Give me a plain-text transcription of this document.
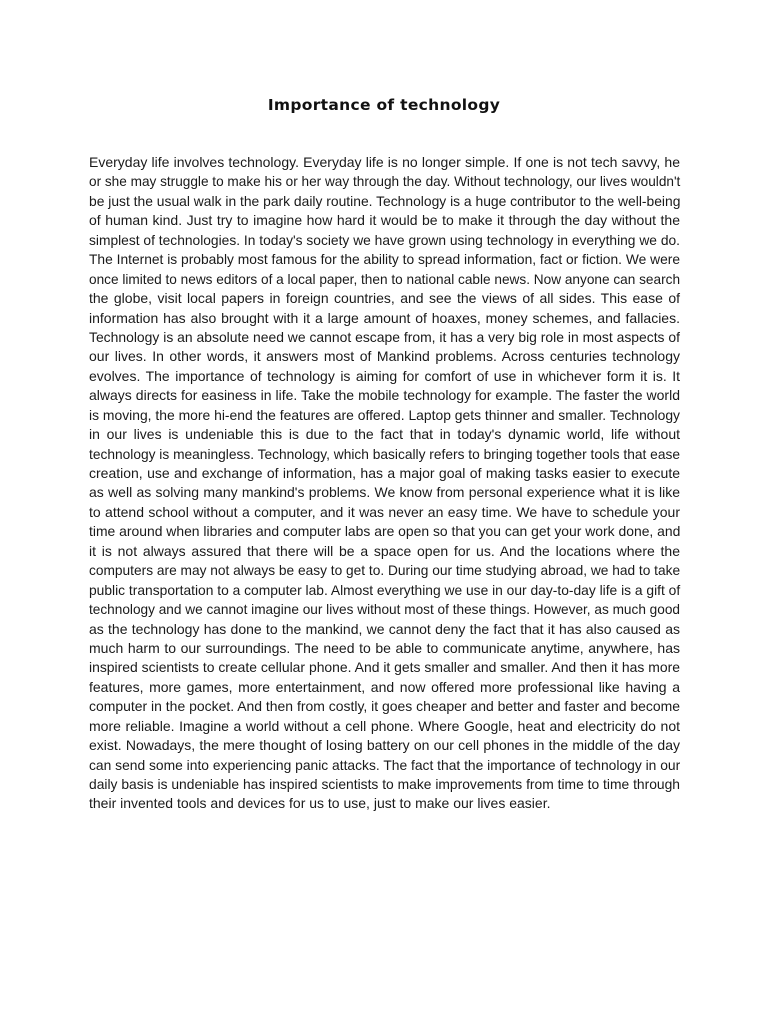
Importance of technology
Everyday life involves technology. Everyday life is no longer simple. If one is not tech savvy, he
or she may struggle to make his or her way through the day. Without technology, our lives wouldn't
be just the usual walk in the park daily routine. Technology is a huge contributor to the well-being
of human kind. Just try to imagine how hard it would be to make it through the day without the
simplest of technologies. In today's society we have grown using technology in everything we do.
The Internet is probably most famous for the ability to spread information, fact or fiction. We were
once limited to news editors of a local paper, then to national cable news. Now anyone can search
the globe, visit local papers in foreign countries, and see the views of all sides. This ease of
information has also brought with it a large amount of hoaxes, money schemes, and fallacies.
Technology is an absolute need we cannot escape from, it has a very big role in most aspects of
our lives. In other words, it answers most of Mankind problems. Across centuries technology
evolves. The importance of technology is aiming for comfort of use in whichever form it is. It
always directs for easiness in life. Take the mobile technology for example. The faster the world
is moving, the more hi-end the features are offered. Laptop gets thinner and smaller. Technology
in our lives is undeniable this is due to the fact that in today's dynamic world, life without
technology is meaningless. Technology, which basically refers to bringing together tools that ease
creation, use and exchange of information, has a major goal of making tasks easier to execute
as well as solving many mankind's problems. We know from personal experience what it is like
to attend school without a computer, and it was never an easy time. We have to schedule your
time around when libraries and computer labs are open so that you can get your work done, and
it is not always assured that there will be a space open for us. And the locations where the
computers are may not always be easy to get to. During our time studying abroad, we had to take
public transportation to a computer lab. Almost everything we use in our day-to-day life is a gift of
technology and we cannot imagine our lives without most of these things. However, as much good
as the technology has done to the mankind, we cannot deny the fact that it has also caused as
much harm to our surroundings. The need to be able to communicate anytime, anywhere, has
inspired scientists to create cellular phone. And it gets smaller and smaller. And then it has more
features, more games, more entertainment, and now offered more professional like having a
computer in the pocket. And then from costly, it goes cheaper and better and faster and become
more reliable. Imagine a world without a cell phone. Where Google, heat and electricity do not
exist. Nowadays, the mere thought of losing battery on our cell phones in the middle of the day
can send some into experiencing panic attacks. The fact that the importance of technology in our
daily basis is undeniable has inspired scientists to make improvements from time to time through
their invented tools and devices for us to use, just to make our lives easier.
